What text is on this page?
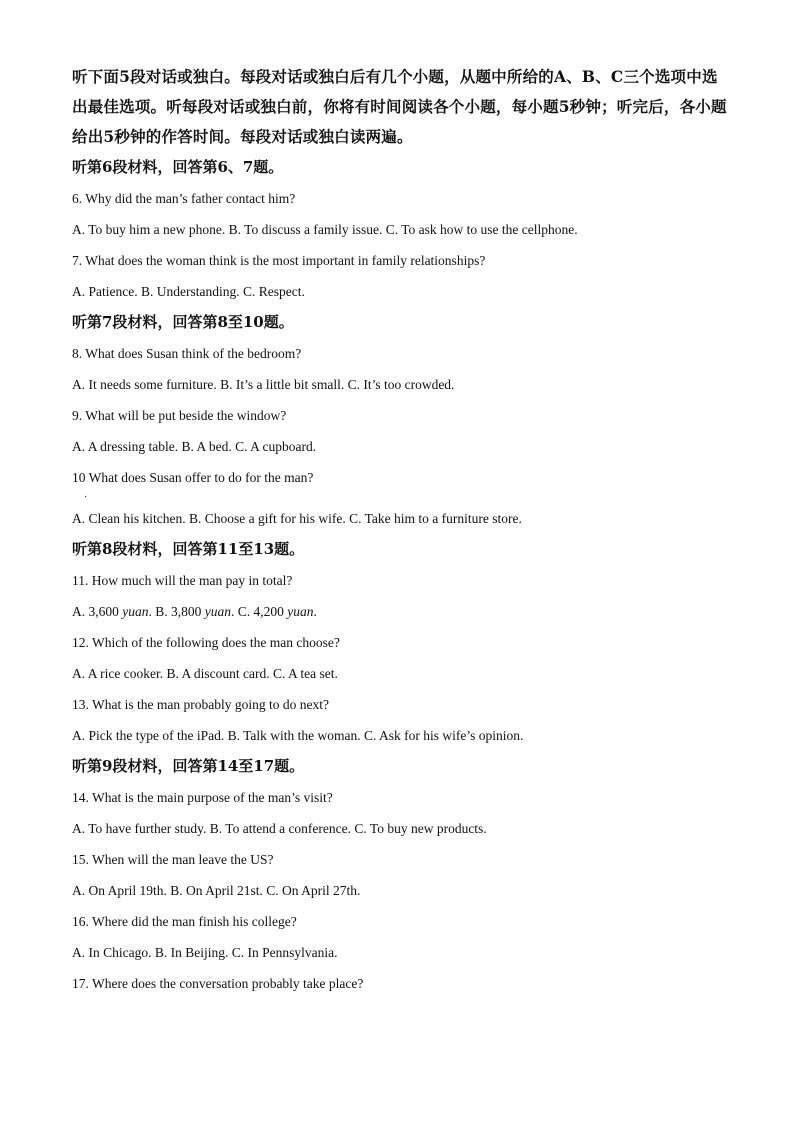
听下面5段对话或独白。每段对话或独白后有几个小题，从题中所给的A、B、C三个选项中选出最佳选项。听每段对话或独白前，你将有时间阅读各个小题，每小题5秒钟；听完后，各小题给出5秒钟的作答时间。每段对话或独白读两遍。

听第6段材料，回答第6、7题。
6. Why did the man’s father contact him?
A. To buy him a new phone. B. To discuss a family issue. C. To ask how to use the cellphone.
7. What does the woman think is the most important in family relationships?
A. Patience. B. Understanding. C. Respect.
听第7段材料，回答第8至10题。
8. What does Susan think of the bedroom?
A. It needs some furniture. B. It’s a little bit small. C. It’s too crowded.
9. What will be put beside the window?
A. A dressing table. B. A bed. C. A cupboard.
10 What does Susan offer to do for the man?
·
A. Clean his kitchen. B. Choose a gift for his wife. C. Take him to a furniture store.
听第8段材料，回答第11至13题。
11. How much will the man pay in total?
A. 3,600 yuan. B. 3,800 yuan. C. 4,200 yuan.
12. Which of the following does the man choose?
A. A rice cooker. B. A discount card. C. A tea set.
13. What is the man probably going to do next?
A. Pick the type of the iPad. B. Talk with the woman. C. Ask for his wife’s opinion.
听第9段材料，回答第14至17题。
14. What is the main purpose of the man’s visit?
A. To have further study. B. To attend a conference. C. To buy new products.
15. When will the man leave the US?
A. On April 19th. B. On April 21st. C. On April 27th.
16. Where did the man finish his college?
A. In Chicago. B. In Beijing. C. In Pennsylvania.
17. Where does the conversation probably take place?
